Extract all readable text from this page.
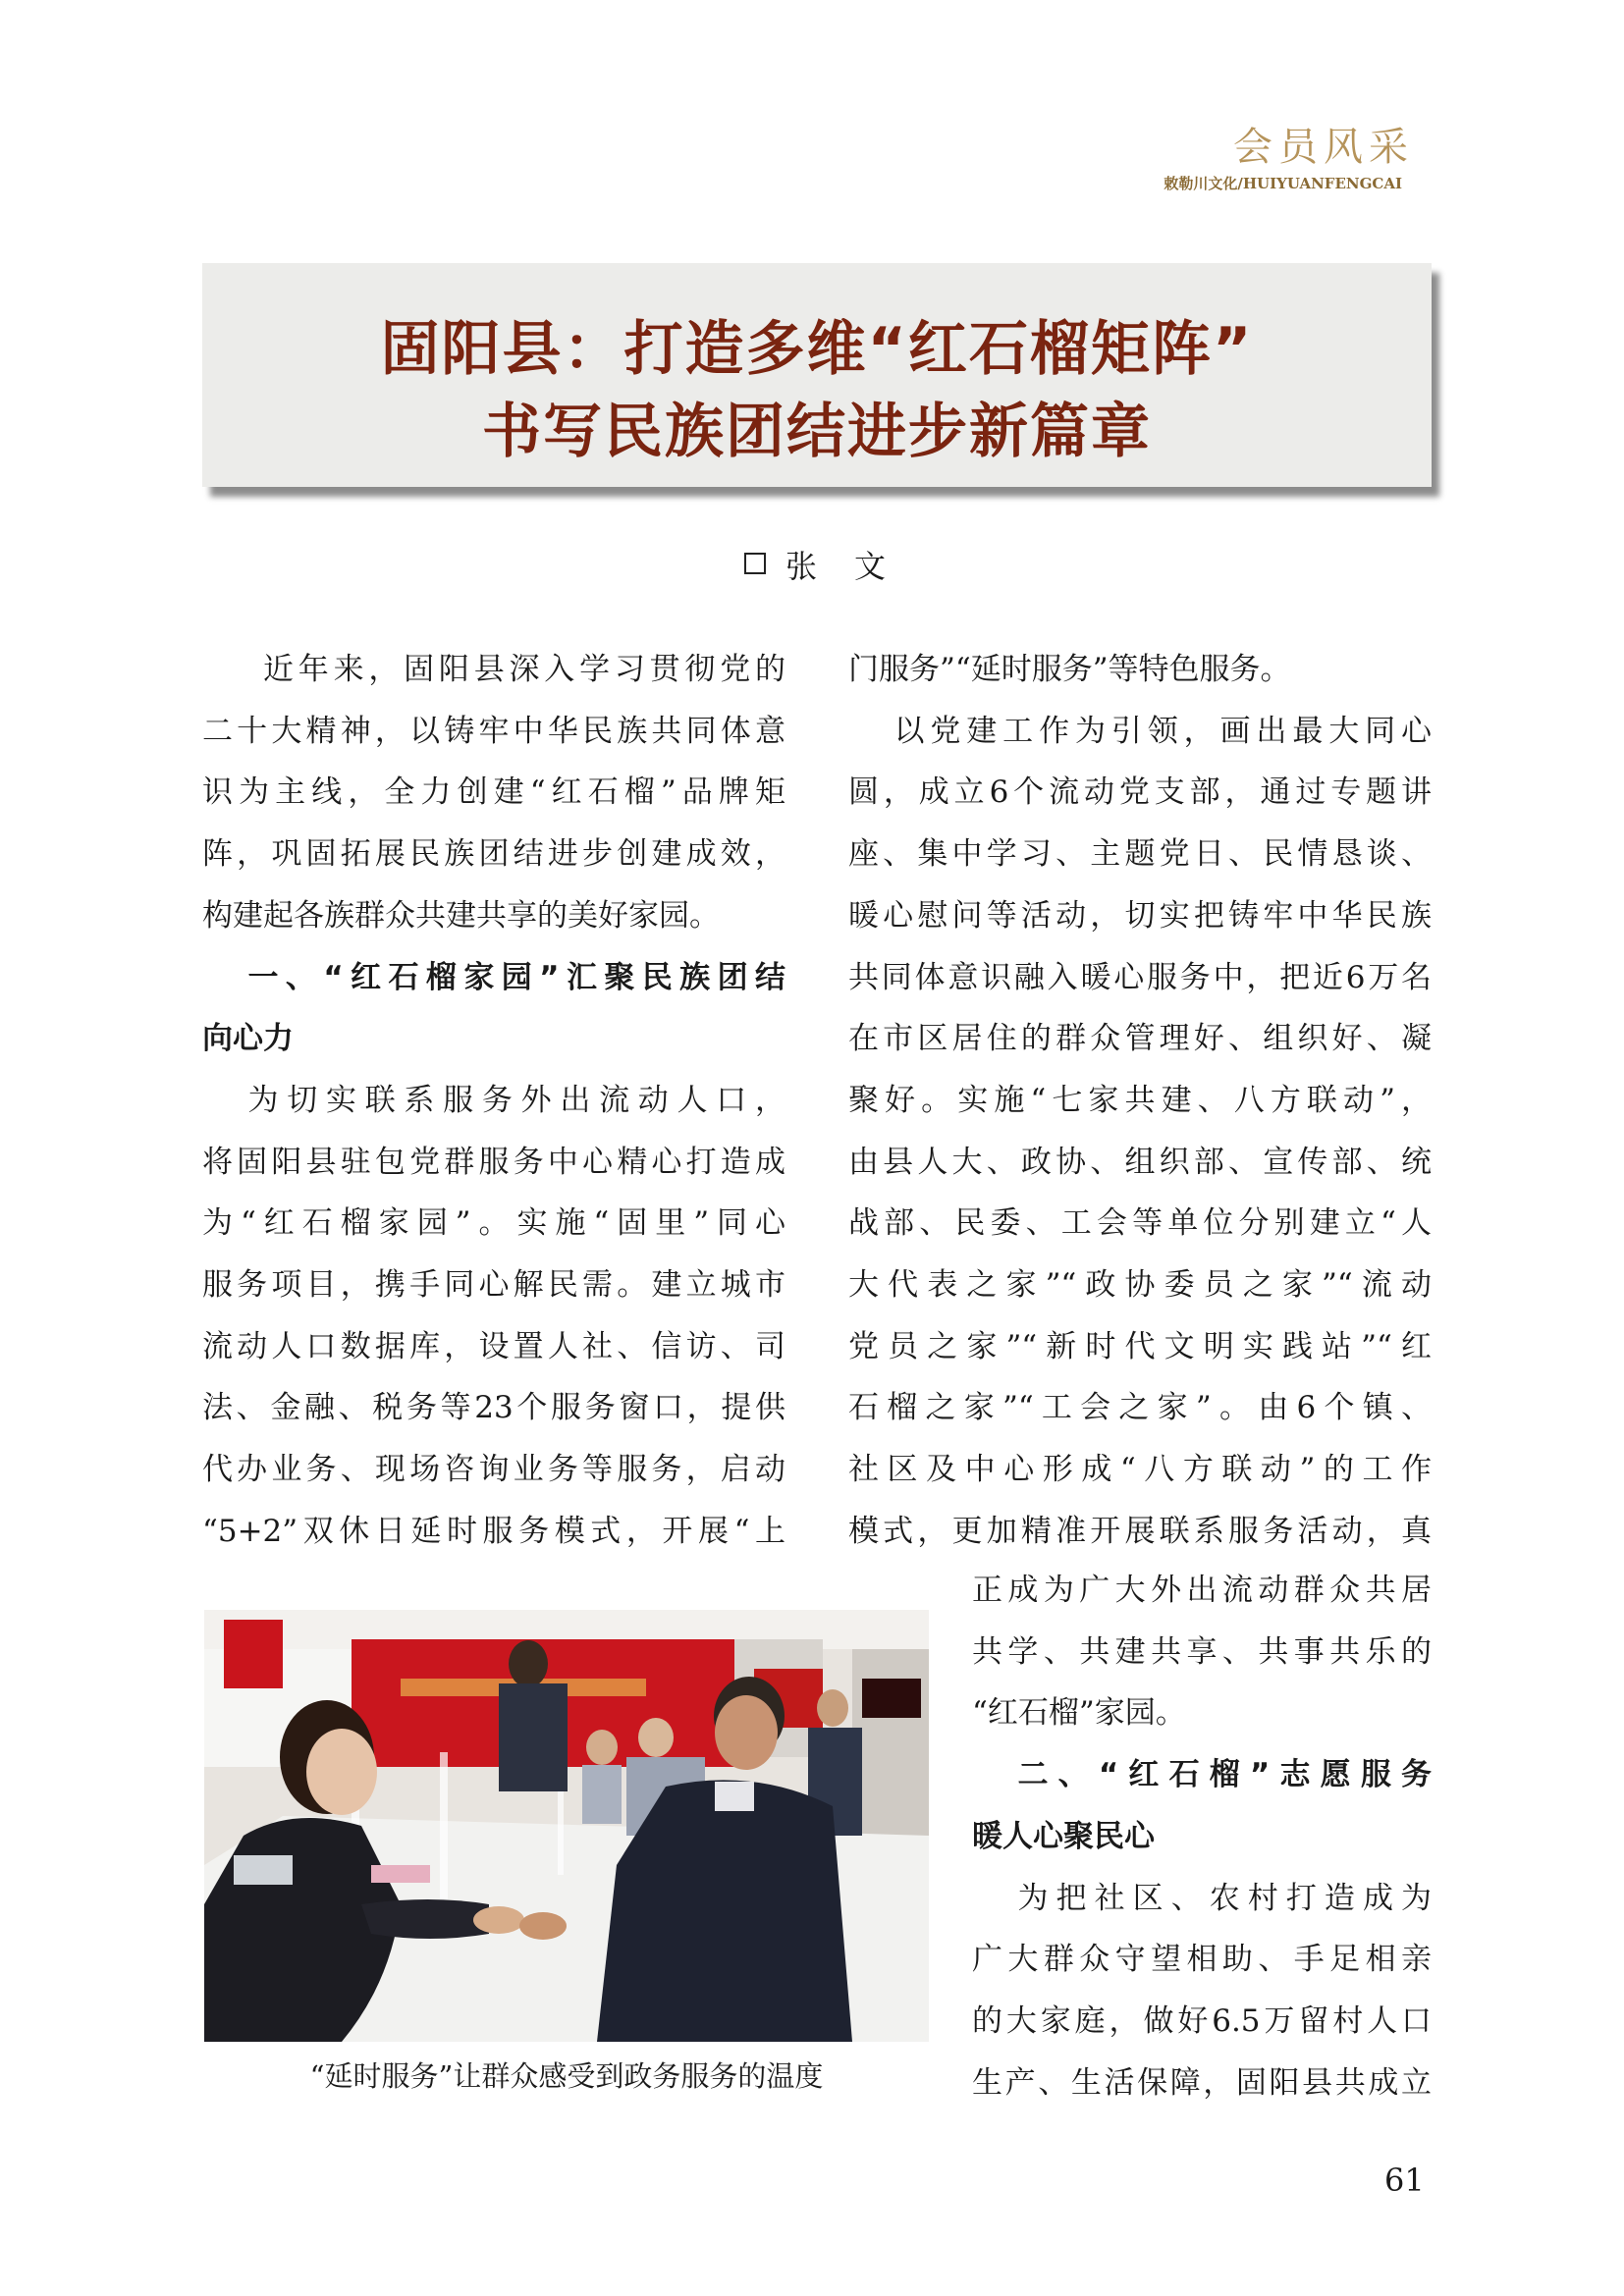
会员风采
敕勒川文化/HUIYUANFENGCAI
固阳县：打造多维“红石榴矩阵”
书写民族团结进步新篇章
张文

近年来，固阳县深入学习贯彻党的

二十大精神，以铸牢中华民族共同体意
识为主线，全力创建“红石榴”品牌矩
阵，巩固拓展民族团结进步创建成效，
构建起各族群众共建共享的美好家园。
一、“红石榴家园”汇聚民族团结
向心力
为切实联系服务外出流动人口，
将固阳县驻包党群服务中心精心打造成
为“红石榴家园”。实施“固里”同心
服务项目，携手同心解民需。建立城市
流动人口数据库，设置人社、信访、司
法、金融、税务等23个服务窗口，提供
代办业务、现场咨询业务等服务，启动
“5+2”双休日延时服务模式，开展“上
门服务”“延时服务”等特色服务。
以党建工作为引领，画出最大同心
圆，成立6个流动党支部，通过专题讲
座、集中学习、主题党日、民情恳谈、
暖心慰问等活动，切实把铸牢中华民族
共同体意识融入暖心服务中，把近6万名
在市区居住的群众管理好、组织好、凝
聚好。实施“七家共建、八方联动”，
由县人大、政协、组织部、宣传部、统
战部、民委、工会等单位分别建立“人
大代表之家”“政协委员之家”“流动
党员之家”“新时代文明实践站”“红
石榴之家”“工会之家”。由6个镇、
社区及中心形成“八方联动”的工作
模式，更加精准开展联系服务活动，真
正成为广大外出流动群众共居
共学、共建共享、共事共乐的
“红石榴”家园。
二、“红石榴”志愿服务
暖人心聚民心
为把社区、农村打造成为
广大群众守望相助、手足相亲
的大家庭，做好6.5万留村人口
生产、生活保障，固阳县共成立
“延时服务”让群众感受到政务服务的温度
61
